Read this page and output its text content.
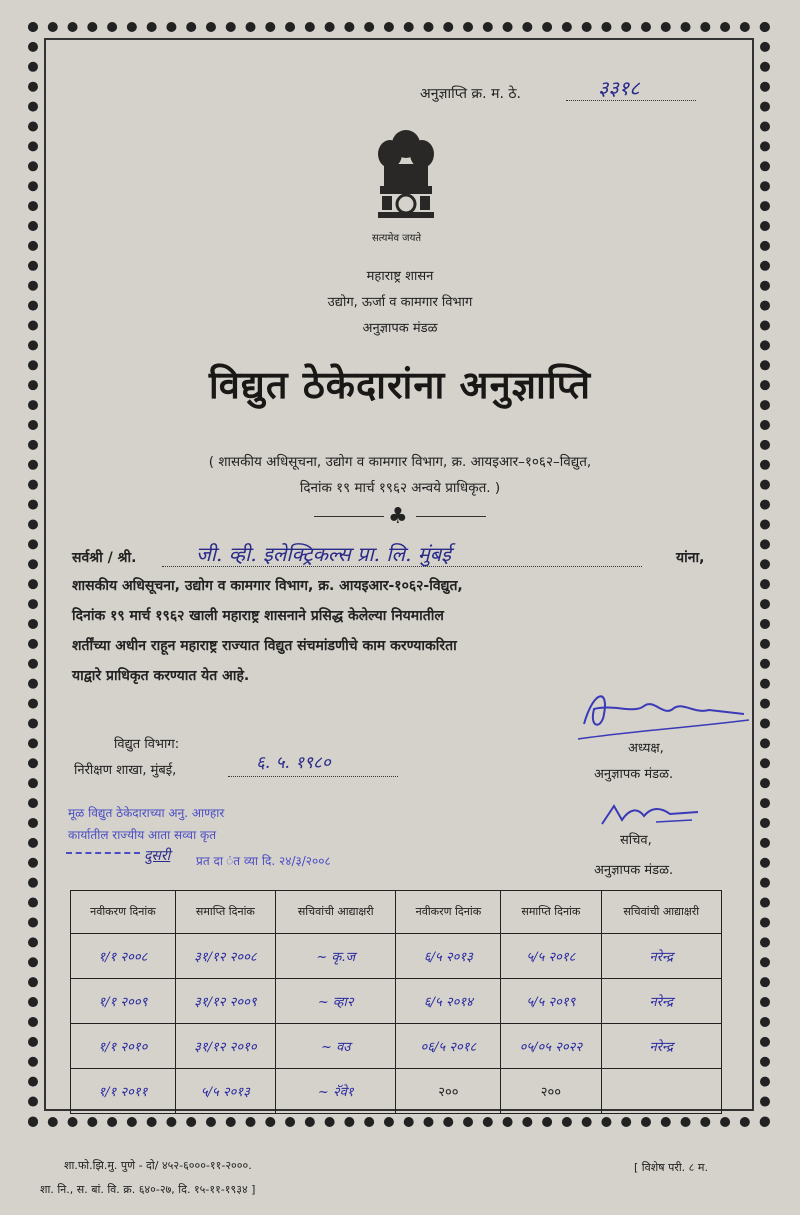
अनुज्ञाप्ति क्र. म. ठे.	३३१८
सत्यमेव जयते
महाराष्ट्र शासन
उद्योग, ऊर्जा व कामगार विभाग
अनुज्ञापक मंडळ
विद्युत ठेकेदारांना अनुज्ञाप्ति
( शासकीय अधिसूचना, उद्योग व कामगार विभाग, क्र. आयइआर–१०६२–विद्युत,
दिनांक १९ मार्च १९६२ अन्वये प्राधिकृत. )
♣
सर्वश्री / श्री.	जी. व्ही. इलेक्ट्रिकल्स प्रा. लि. मुंबई	यांना,
शासकीय अधिसूचना, उद्योग व कामगार विभाग, क्र. आयइआर-१०६२-विद्युत,
दिनांक १९ मार्च १९६२ खाली महाराष्ट्र शासनाने प्रसिद्ध केलेल्या नियमातील
शर्तींच्या अधीन राहून महाराष्ट्र राज्यात विद्युत संचमांडणीचे काम करण्याकरिता
याद्वारे प्राधिकृत करण्यात येत आहे.
अध्यक्ष,
अनुज्ञापक मंडळ.
विद्युत विभाग:
निरीक्षण शाखा, मुंबई,	६. ५. १९८०
मूळ विद्युत ठेकेदाराच्या अनु. आण्हार
कार्यातील राज्यीय आता सव्वा कृत
दुसरी प्रत दा ंत व्या दि. २४/३/२००८
सचिव,
अनुज्ञापक मंडळ.
नवीकरण दिनांक	समाप्ति दिनांक	सचिवांची आद्याक्षरी	नवीकरण दिनांक	समाप्ति दिनांक	सचिवांची आद्याक्षरी
१/१ २००८	३१/१२ २००८	~ कृ.ज	६/५ २०१३	५/५ २०१८	नरेन्द्र
१/१ २००९	३१/१२ २००९	~ व्हा२	६/५ २०१४	५/५ २०१९	नरेन्द्र
१/१ २०१०	३१/१२ २०१०	~ वउ	०६/५ २०१८	०५/०५ २०२२	नरेन्द्र
१/१ २०११	५/५ २०१३	~ २ॅवे१	२००	२००	
शा.फो.झि.मु. पुणे - दो/ ४५२-६०००-११-२०००.
शा. नि., स. बां. वि. क्र. ६४०-२७, दि. १५-११-१९३४ ]
[ विशेष परी. ८ म.
